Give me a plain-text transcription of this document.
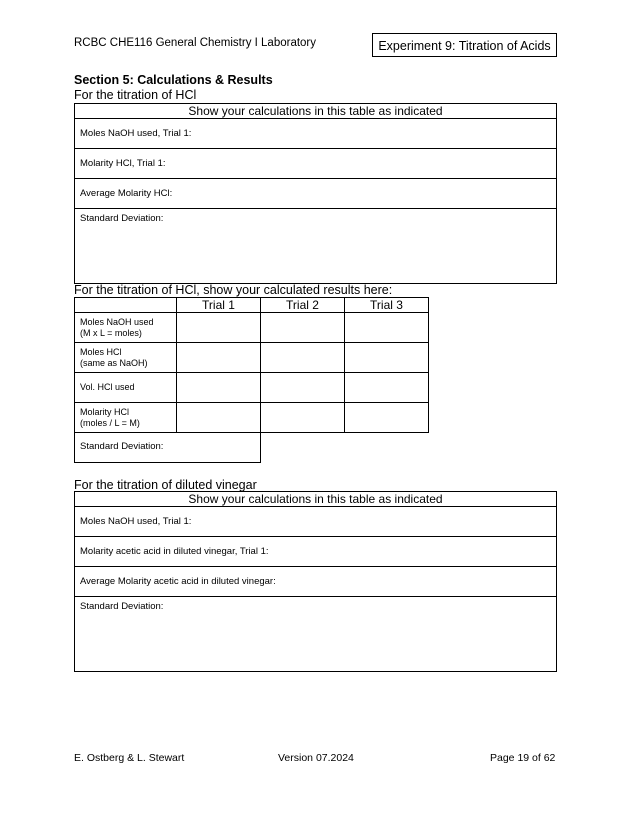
RCBC CHE116 General Chemistry I Laboratory	Experiment 9: Titration of Acids
Section 5: Calculations & Results
For the titration of HCl
Show your calculations in this table as indicated
Moles NaOH used, Trial 1:
Molarity HCl, Trial 1:
Average Molarity HCl:
Standard Deviation:
For the titration of HCl, show your calculated results here:
	Trial 1	Trial 2	Trial 3

Moles NaOH used
(M x L = moles)			

Moles HCl
(same as NaOH)			

Vol. HCl used			

Molarity HCl
(moles / L = M)			

Standard Deviation:			
For the titration of diluted vinegar
Show your calculations in this table as indicated
Moles NaOH used, Trial 1:
Molarity acetic acid in diluted vinegar, Trial 1:
Average Molarity acetic acid in diluted vinegar:
Standard Deviation:
E. Ostberg & L. Stewart	Version 07.2024	Page 19 of 62
